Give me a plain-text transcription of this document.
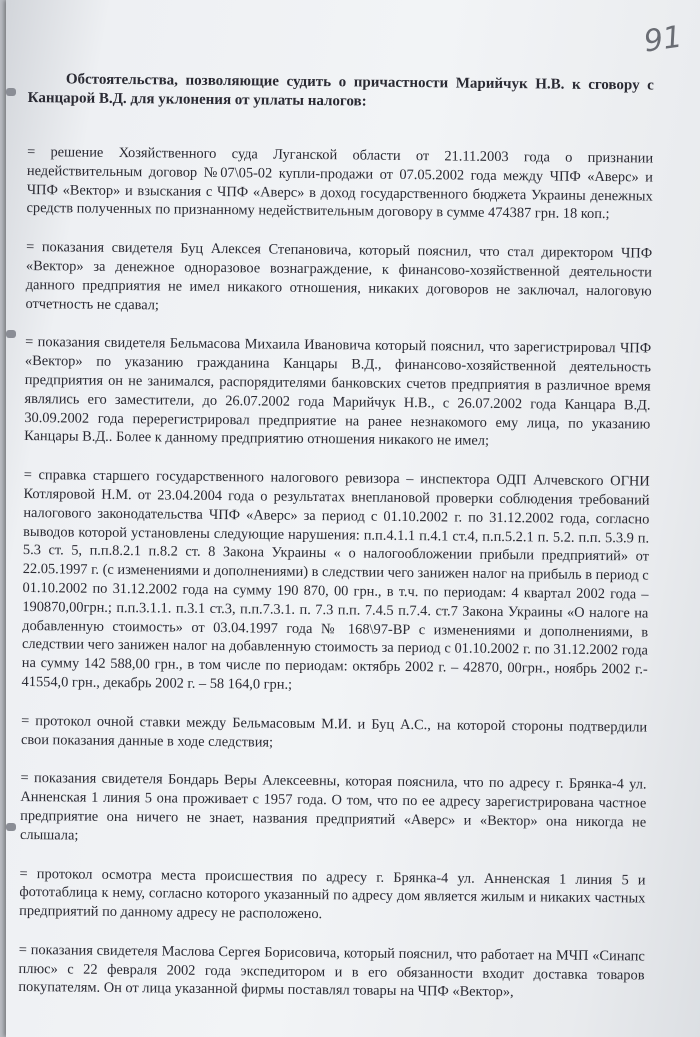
91

Обстоятельства, позволяющие судить о причастности Марийчук Н.В. к сговору с Канцарой В.Д. для уклонения от уплаты налогов:

= решение Хозяйственного суда Луганской области от 21.11.2003 года о признании недействительным договор №07\05-02 купли-продажи от 07.05.2002 года между ЧПФ «Аверс» и ЧПФ «Вектор» и взыскания с ЧПФ «Аверс» в доход государственного бюджета Украины денежных средств полученных по признанному недействительным договору в сумме 474387 грн. 18 коп.;

= показания свидетеля Буц Алексея Степановича, который пояснил, что стал директором ЧПФ «Вектор» за денежное одноразовое вознаграждение, к финансово-хозяйственной деятельности данного предприятия не имел никакого отношения, никаких договоров не заключал, налоговую отчетность не сдавал;

= показания свидетеля Бельмасова Михаила Ивановича который пояснил, что зарегистрировал ЧПФ «Вектор» по указанию гражданина Канцары В.Д., финансово-хозяйственной деятельность предприятия он не занимался, распорядителями банковских счетов предприятия в различное время являлись его заместители, до 26.07.2002 года Марийчук Н.В., с 26.07.2002 года Канцара В.Д. 30.09.2002 года перерегистрировал предприятие на ранее незнакомого ему лица, по указанию Канцары В.Д.. Более к данному предприятию отношения никакого не имел;

= справка старшего государственного налогового ревизора – инспектора ОДП Алчевского ОГНИ Котляровой Н.М. от 23.04.2004 года о результатах внеплановой проверки соблюдения требований налогового законодательства ЧПФ «Аверс» за период с 01.10.2002 г. по 31.12.2002 года, согласно выводов которой установлены следующие нарушения: п.п.4.1.1 п.4.1 ст.4, п.п.5.2.1 п. 5.2. п.п. 5.3.9 п. 5.3 ст. 5, п.п.8.2.1 п.8.2 ст. 8 Закона Украины « о налогообложении прибыли предприятий» от 22.05.1997 г. (с изменениями и дополнениями) в следствии чего занижен налог на прибыль в период с 01.10.2002 по 31.12.2002 года на сумму 190 870, 00 грн., в т.ч. по периодам: 4 квартал 2002 года – 190870,00грн.; п.п.3.1.1. п.3.1 ст.3, п.п.7.3.1. п. 7.3 п.п. 7.4.5 п.7.4. ст.7 Закона Украины «О налоге на добавленную стоимость» от 03.04.1997 года № 168\97-ВР с изменениями и дополнениями, в следствии чего занижен налог на добавленную стоимость за период с 01.10.2002 г. по 31.12.2002 года на сумму 142 588,00 грн., в том числе по периодам: октябрь 2002 г. – 42870, 00грн., ноябрь 2002 г.- 41554,0 грн., декабрь 2002 г. – 58 164,0 грн.;

= протокол очной ставки между Бельмасовым М.И. и Буц А.С., на которой стороны подтвердили свои показания данные в ходе следствия;

= показания свидетеля Бондарь Веры Алексеевны, которая пояснила, что по адресу г. Брянка-4 ул. Анненская 1 линия 5 она проживает с 1957 года. О том, что по ее адресу зарегистрирована частное предприятие она ничего не знает, названия предприятий «Аверс» и «Вектор» она никогда не слышала;

= протокол осмотра места происшествия по адресу г. Брянка-4 ул. Анненская 1 линия 5 и фототаблица к нему, согласно которого указанный по адресу дом является жилым и никаких частных предприятий по данному адресу не расположено.

= показания свидетеля Маслова Сергея Борисовича, который пояснил, что работает на МЧП «Синапс плюс» с 22 февраля 2002 года экспедитором и в его обязанности входит доставка товаров покупателям. Он от лица указанной фирмы поставлял товары на ЧПФ «Вектор»,
